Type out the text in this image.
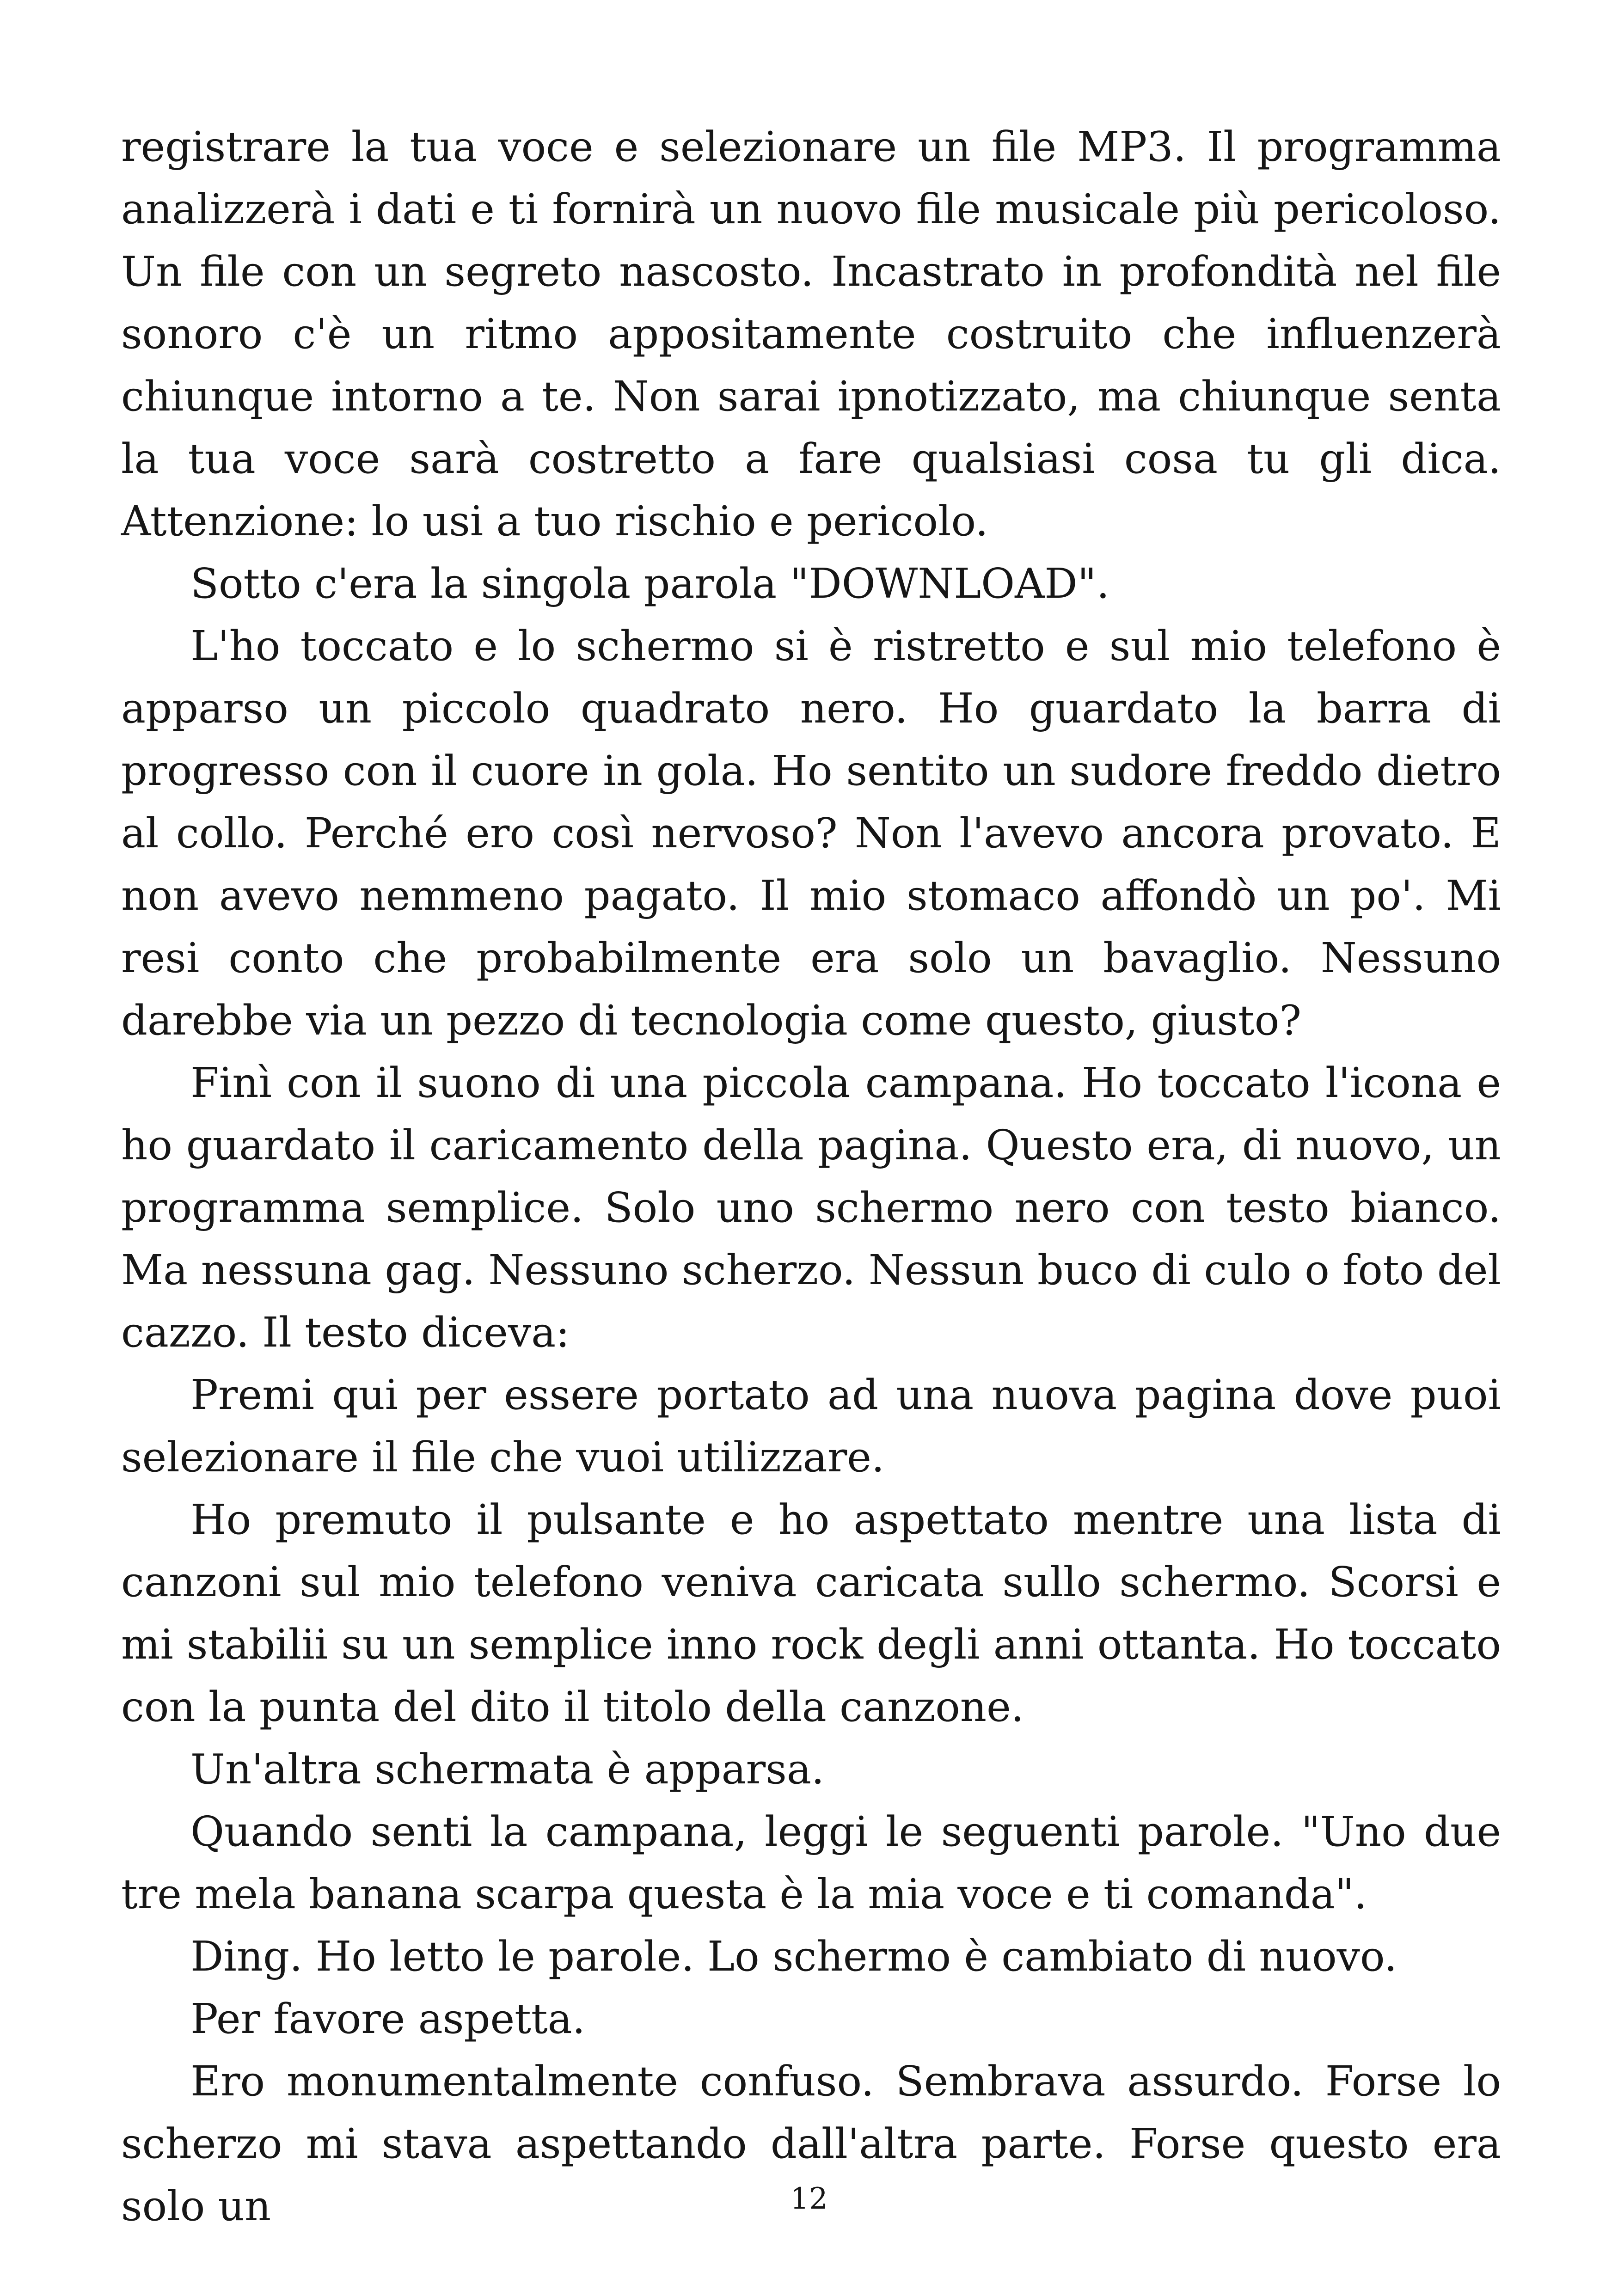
registrare la tua voce e selezionare un file MP3. Il programma analizzerà i dati e ti fornirà un nuovo file musicale più pericoloso. Un file con un segreto nascosto. Incastrato in profondità nel file sonoro c'è un ritmo appositamente costruito che influenzerà chiunque intorno a te. Non sarai ipnotizzato, ma chiunque senta la tua voce sarà costretto a fare qualsiasi cosa tu gli dica. Attenzione: lo usi a tuo rischio e pericolo.

Sotto c'era la singola parola "DOWNLOAD".

L'ho toccato e lo schermo si è ristretto e sul mio telefono è apparso un piccolo quadrato nero. Ho guardato la barra di progresso con il cuore in gola. Ho sentito un sudore freddo dietro al collo. Perché ero così nervoso? Non l'avevo ancora provato. E non avevo nemmeno pagato. Il mio stomaco affondò un po'. Mi resi conto che probabilmente era solo un bavaglio. Nessuno darebbe via un pezzo di tecnologia come questo, giusto?

Finì con il suono di una piccola campana. Ho toccato l'icona e ho guardato il caricamento della pagina. Questo era, di nuovo, un programma semplice. Solo uno schermo nero con testo bianco. Ma nessuna gag. Nessuno scherzo. Nessun buco di culo o foto del cazzo. Il testo diceva:

Premi qui per essere portato ad una nuova pagina dove puoi selezionare il file che vuoi utilizzare.

Ho premuto il pulsante e ho aspettato mentre una lista di canzoni sul mio telefono veniva caricata sullo schermo. Scorsi e mi stabilii su un semplice inno rock degli anni ottanta. Ho toccato con la punta del dito il titolo della canzone.

Un'altra schermata è apparsa.

Quando senti la campana, leggi le seguenti parole. "Uno due tre mela banana scarpa questa è la mia voce e ti comanda".

Ding. Ho letto le parole. Lo schermo è cambiato di nuovo.

Per favore aspetta.

Ero monumentalmente confuso. Sembrava assurdo. Forse lo scherzo mi stava aspettando dall'altra parte. Forse questo era solo un	12
